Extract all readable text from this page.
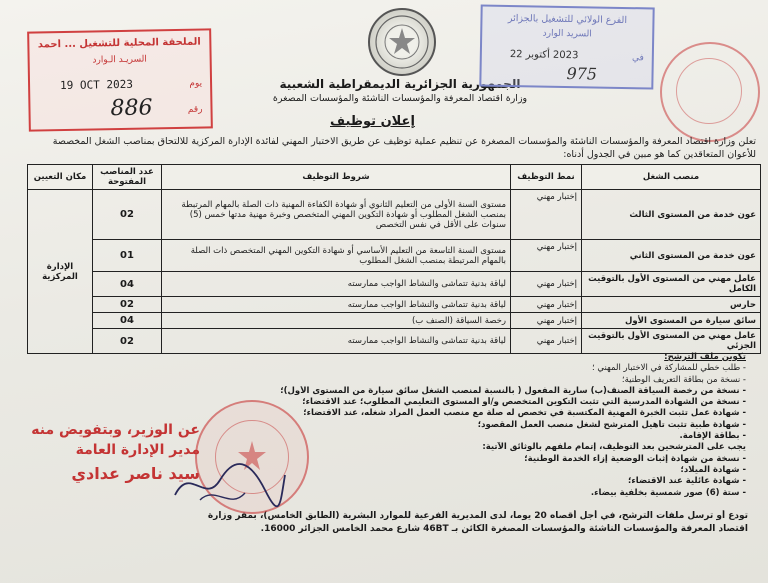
الملحقة المحلية للتشغيل ... أحمد
السريـد الـوارد
يوم
19 OCT 2023
رقم
886
الجمهورية الجزائرية الديمقراطية الشعبية
وزارة اقتصاد المعرفة والمؤسسات الناشئة والمؤسسات المصغرة
إعلان توظيف
الفرع الولائي للتشغيل بالجزائر
السريد الوارد
في
2023 أكتوبر 22
975
تعلن وزارة اقتصاد المعرفة والمؤسسات الناشئة والمؤسسات المصغرة عن تنظيم عملية توظيف عن طريق الاختبار المهني لفائدة الإدارة المركزية للالتحاق بمناصب الشغل المخصصة للأعوان المتعاقدين كما هو مبين في الجدول أدناه:
منصب الشغل	نمط التوظيف	شروط التوظيف	عدد المناصب المفتوحة	مكان التعيين
عون خدمة من المستوى الثالث	إختبار مهني	مستوى السنة الأولى من التعليم الثانوي أو شهادة الكفاءة المهنية ذات الصلة بالمهام المرتبطة بمنصب الشغل المطلوب أو شهادة التكوين المهني المتخصص وخبرة مهنية مدتها خمس (5) سنوات على الأقل في نفس التخصص	02	الإدارة المركزية
عون خدمة من المستوى الثاني	إختبار مهني	مستوى السنة التاسعة من التعليم الأساسي أو شهادة التكوين المهني المتخصص ذات الصلة بالمهام المرتبطة بمنصب الشغل المطلوب	01	
عامل مهني من المستوى الأول بالتوقيت الكامل	إختبار مهني	لياقة بدنية تتماشى والنشاط الواجب ممارسته	04	
حارس	إختبار مهني	لياقة بدنية تتماشى والنشاط الواجب ممارسته	02	
سائق سيارة من المستوى الأول	إختبار مهني	رخصة السياقة (الصنف ب)	04	
عامل مهني من المستوى الأول بالتوقيت الجزئي	إختبار مهني	لياقة بدنية تتماشى والنشاط الواجب ممارسته	02	
تكوين ملف الترشح:
- طلب خطي للمشاركة في الاختبار المهني ؛
- نسخة من بطاقة التعريف الوطنية؛
- نسخة من رخصة السياقة الصنف(ب) سارية المفعول ( بالنسبة لمنصب الشغل سائق سيارة من المستوى الأول)؛
- نسخة من الشهادة المدرسية التي تثبت التكوين المتخصص و/أو المستوى التعليمي المطلوب؛ عند الاقتضاء؛
- شهادة عمل تثبت الخبرة المهنية المكتسبة في تخصص له صلة مع منصب العمل المراد شغله، عند الاقتضاء؛
- شهادة طبية تثبت تأهيل المترشح لشغل منصب العمل المقصود؛
- بطاقة الإقامة.
يجب على المترشحين بعد التوظيف، إتمام ملفهم بالوثائق الآتية:
- نسخة من شهادة إثبات الوضعية إزاء الخدمة الوطنية؛
- شهادة الميلاد؛
- شهادة عائلية عند الاقتضاء؛
- ستة (6) صور شمسية بخلفية بيضاء.
تودع أو ترسل ملفات الترشح، في أجل أقصاه 20 يوما، لدى المديرية الفرعية للموارد البشرية (الطابق الخامس)، بمقر وزارة
اقتصاد المعرفة والمؤسسات الناشئة والمؤسسات المصغرة الكائن بـ 46BT شارع محمد الخامس الجزائر 16000.
عن الوزير، وبتفويض منه
مدير الإدارة العامة
سيد ناصر عدادي
